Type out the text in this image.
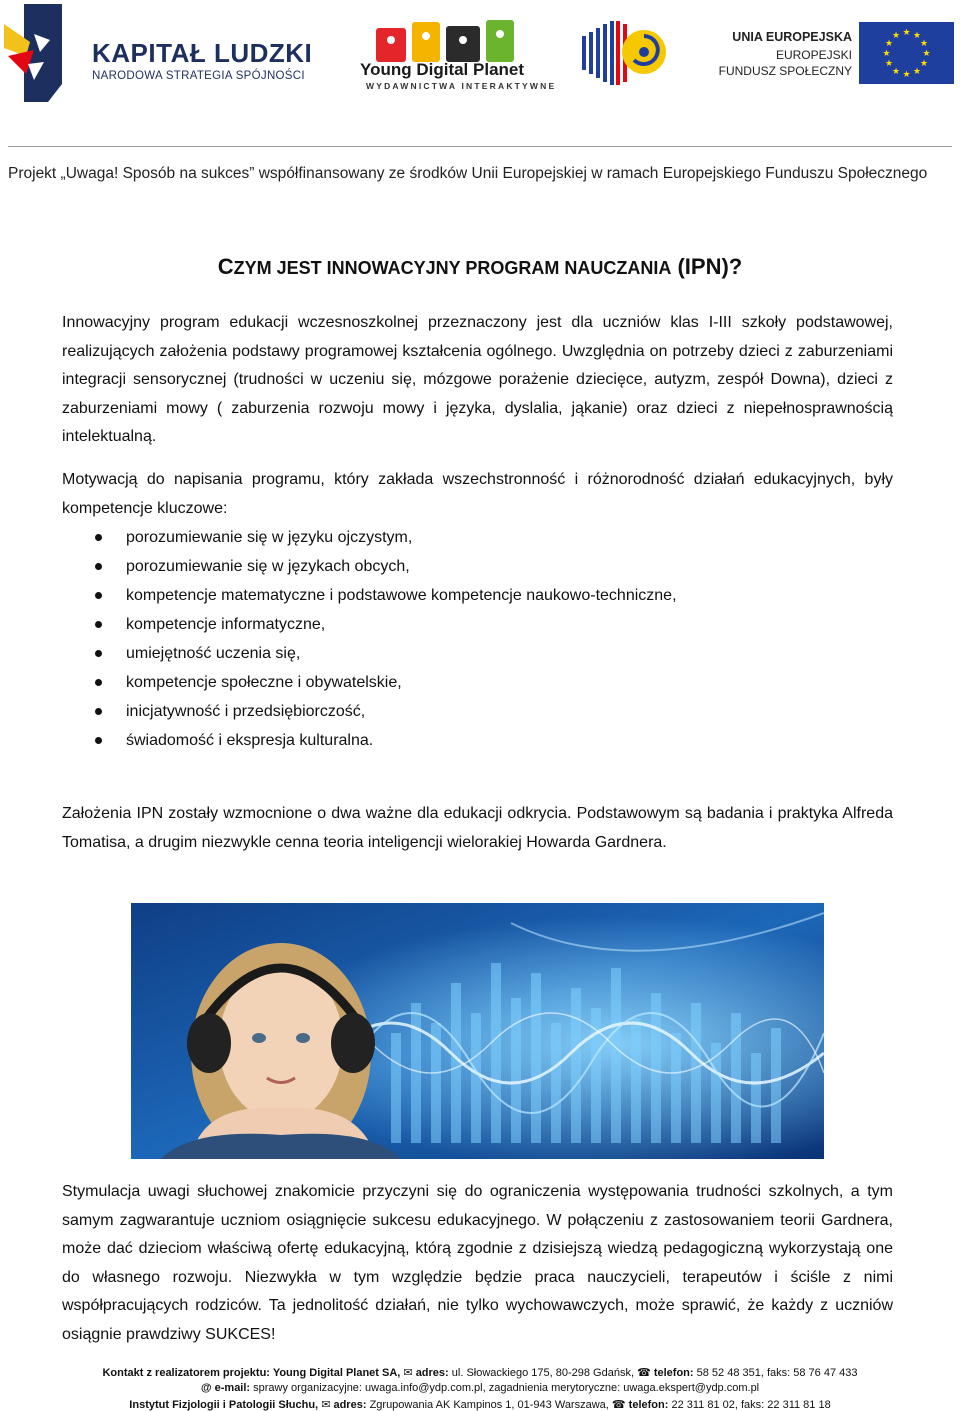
KAPITAŁ LUDZKI
NARODOWA STRATEGIA SPÓJNOŚCI	Young Digital Planet
WYDAWNICTWA INTERAKTYWNE
UNIA EUROPEJSKA
EUROPEJSKI
FUNDUSZ SPOŁECZNY
★ ★
★
★
★
★
★
★
★
★
★
★
Projekt „Uwaga! Sposób na sukces” współfinansowany ze środków Unii Europejskiej w ramach Europejskiego Funduszu Społecznego
CZYM JEST INNOWACYJNY PROGRAM NAUCZANIA (IPN)?

Innowacyjny program edukacji wczesnoszkolnej przeznaczony jest dla uczniów klas I-III szkoły podstawowej, realizujących założenia podstawy programowej kształcenia ogólnego. Uwzględnia on potrzeby dzieci z zaburzeniami integracji sensorycznej (trudności w uczeniu się, mózgowe porażenie dziecięce, autyzm, zespół Downa), dzieci z zaburzeniami mowy ( zaburzenia rozwoju mowy i języka, dyslalia, jąkanie) oraz dzieci z niepełnosprawnością intelektualną.

Motywacją do napisania programu, który zakłada wszechstronność i różnorodność działań edukacyjnych, były kompetencje kluczowe:

porozumiewanie się w języku ojczystym,
porozumiewanie się w językach obcych,
kompetencje matematyczne i podstawowe kompetencje naukowo-techniczne,
kompetencje informatyczne,
umiejętność uczenia się,
kompetencje społeczne i obywatelskie,
inicjatywność i przedsiębiorczość,
świadomość i ekspresja kulturalna.

Założenia IPN zostały wzmocnione o dwa ważne dla edukacji odkrycia. Podstawowym są badania i praktyka Alfreda Tomatisa, a drugim niezwykle cenna teoria inteligencji wielorakiej Howarda Gardnera.

Stymulacja uwagi słuchowej znakomicie przyczyni się do ograniczenia występowania trudności szkolnych, a tym samym zagwarantuje uczniom osiągnięcie sukcesu edukacyjnego. W połączeniu z zastosowaniem teorii Gardnera, może dać dzieciom właściwą ofertę edukacyjną, którą zgodnie z dzisiejszą wiedzą pedagogiczną wykorzystają one do własnego rozwoju. Niezwykła w tym względzie będzie praca nauczycieli, terapeutów i ściśle z nimi współpracujących rodziców. Ta jednolitość działań, nie tylko wychowawczych, może sprawić, że każdy z uczniów osiągnie prawdziwy SUKCES!

Kontakt z realizatorem projektu: Young Digital Planet SA, ✉ adres: ul. Słowackiego 175, 80-298 Gdańsk, ☎ telefon: 58 52 48 351, faks: 58 76 47 433
@ e-mail: sprawy organizacyjne: uwaga.info@ydp.com.pl, zagadnienia merytoryczne: uwaga.ekspert@ydp.com.pl
Instytut Fizjologii i Patologii Słuchu, ✉ adres: Zgrupowania AK Kampinos 1, 01-943 Warszawa, ☎ telefon: 22 311 81 02, faks: 22 311 81 18
